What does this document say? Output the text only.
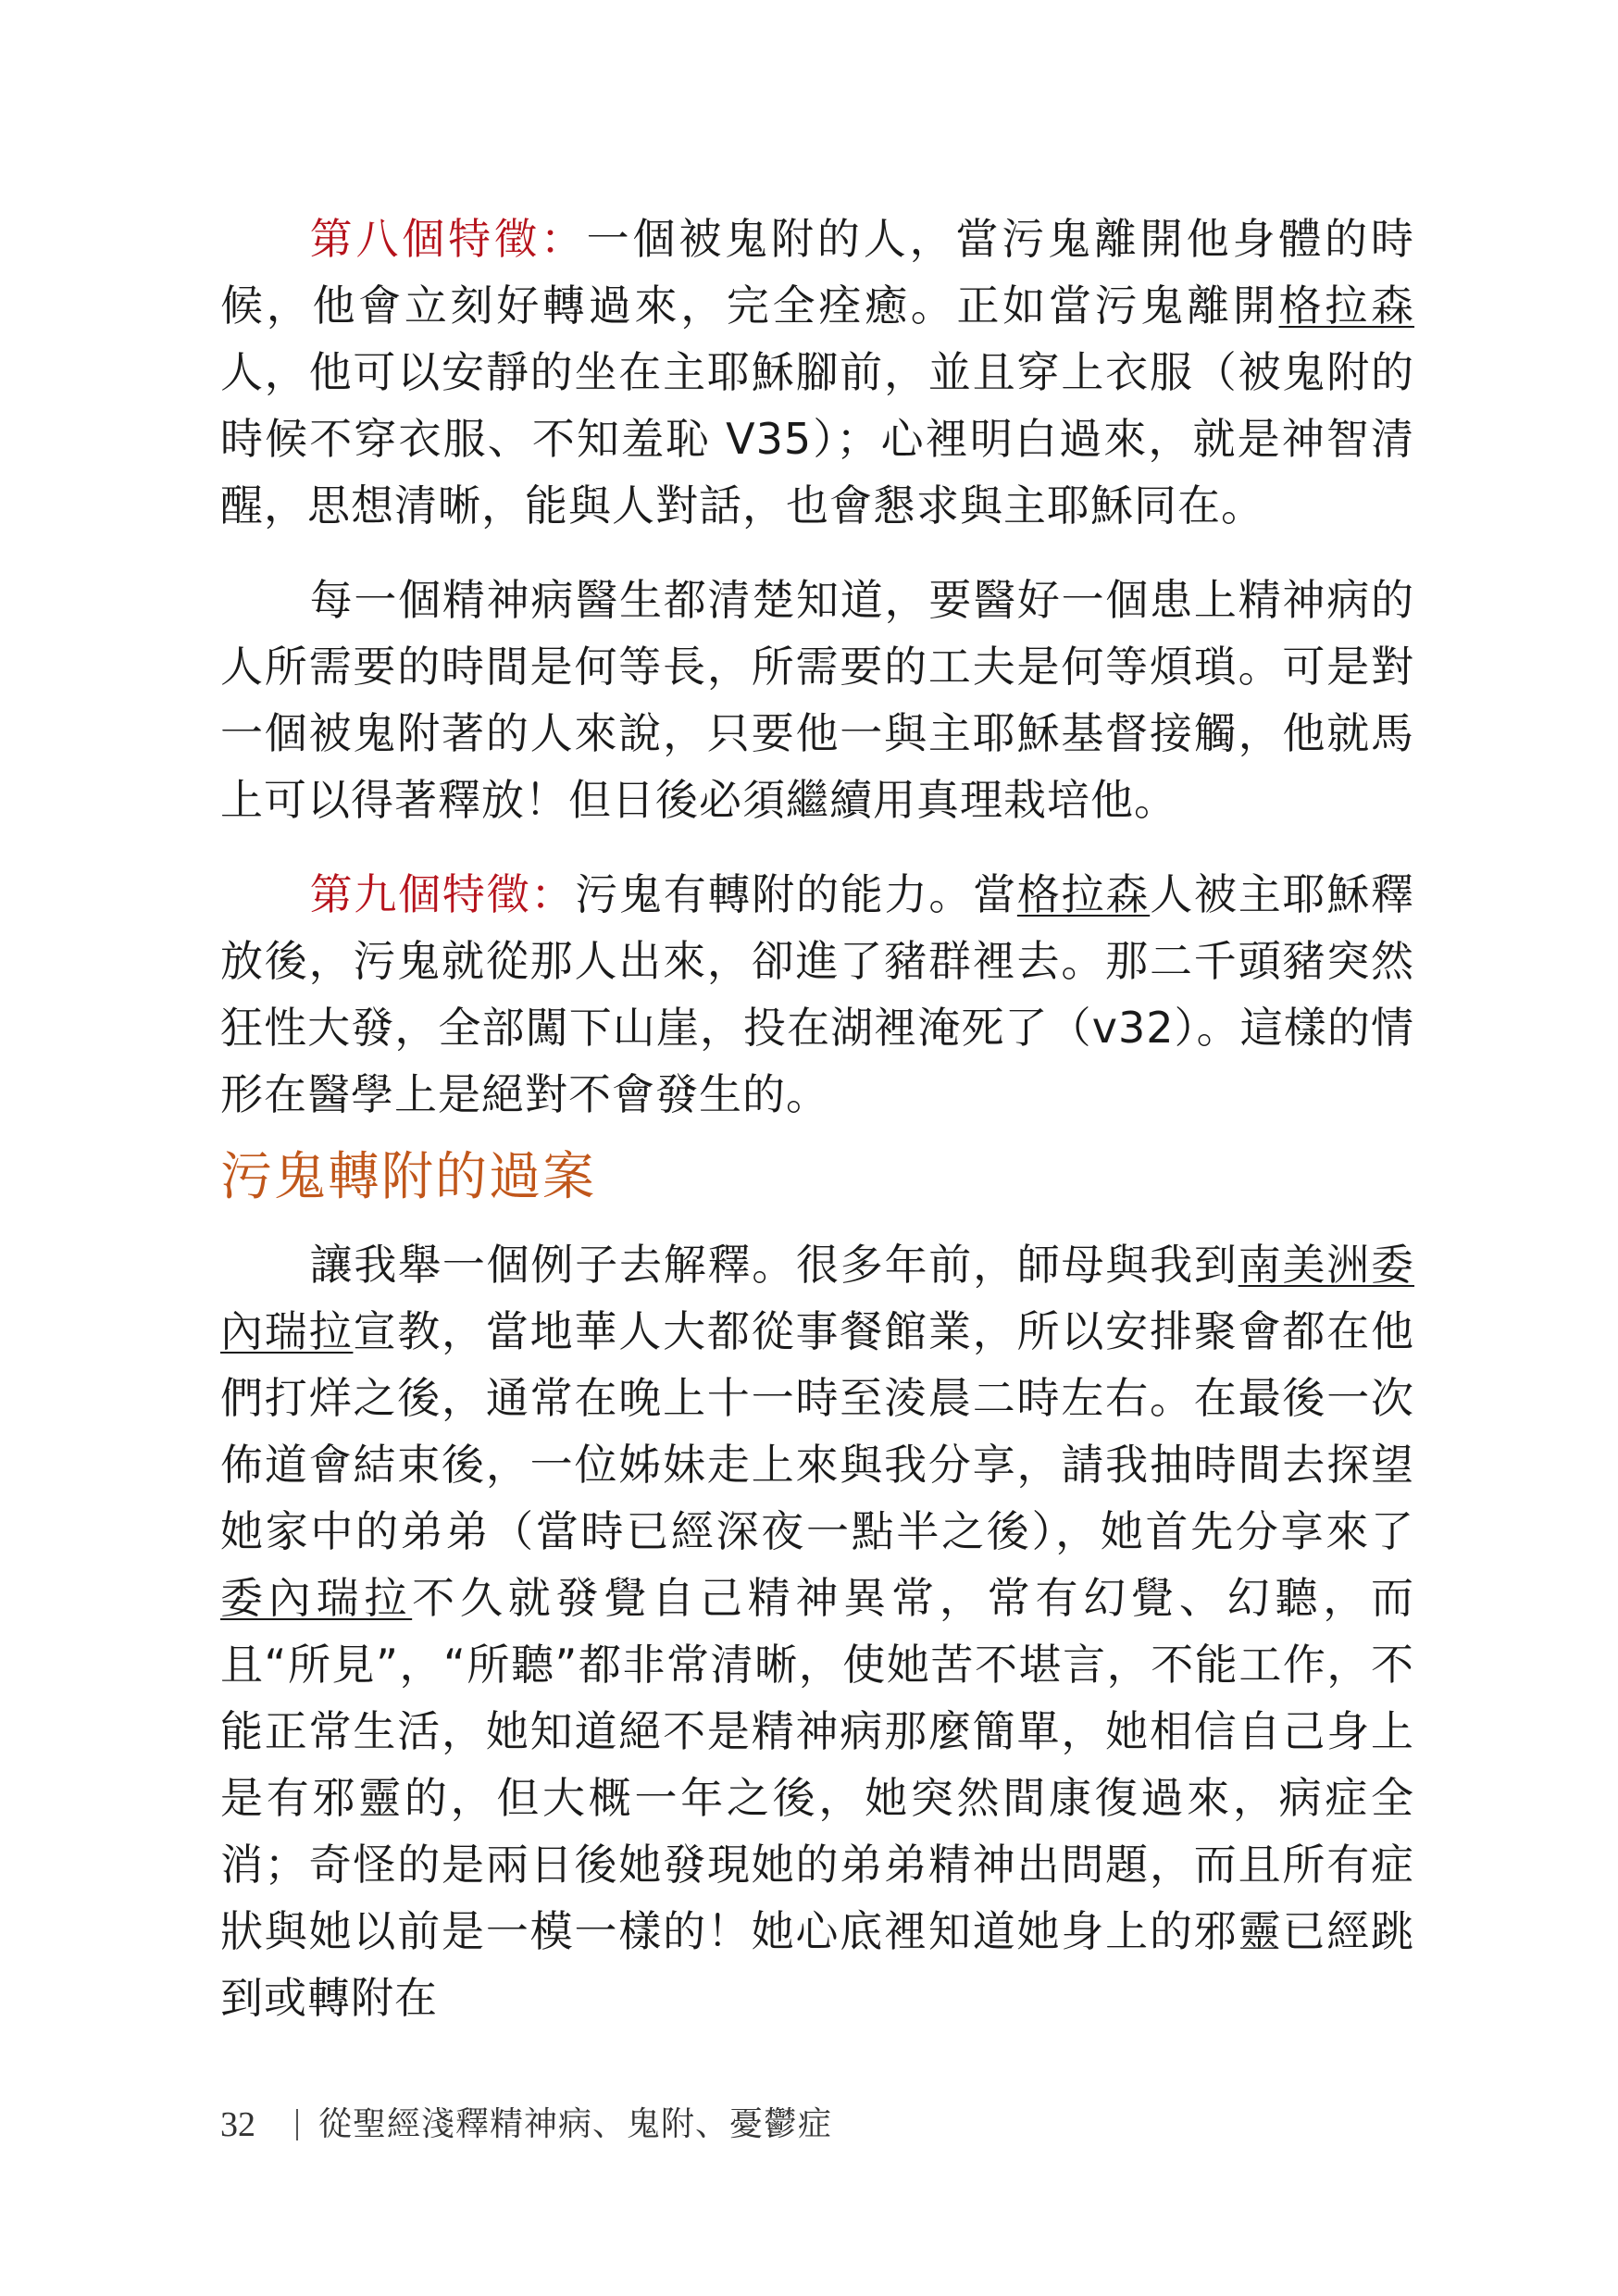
第八個特徵：一個被鬼附的人，當污鬼離開他身體的時候，他會立刻好轉過來，完全痊癒。正如當污鬼離開格拉森人，他可以安靜的坐在主耶穌腳前，並且穿上衣服（被鬼附的時候不穿衣服、不知羞恥 V35）；心裡明白過來，就是神智清醒，思想清晰，能與人對話，也會懇求與主耶穌同在。

每一個精神病醫生都清楚知道，要醫好一個患上精神病的人所需要的時間是何等長，所需要的工夫是何等煩瑣。可是對一個被鬼附著的人來說，只要他一與主耶穌基督接觸，他就馬上可以得著釋放！但日後必須繼續用真理栽培他。

第九個特徵：污鬼有轉附的能力。當格拉森人被主耶穌釋放後，污鬼就從那人出來，卻進了豬群裡去。那二千頭豬突然狂性大發，全部闖下山崖，投在湖裡淹死了（v32）。這樣的情形在醫學上是絕對不會發生的。

污鬼轉附的過案

讓我舉一個例子去解釋。很多年前，師母與我到南美洲委內瑞拉宣教，當地華人大都從事餐館業，所以安排聚會都在他們打烊之後，通常在晚上十一時至淩晨二時左右。在最後一次佈道會結束後，一位姊妹走上來與我分享，請我抽時間去探望她家中的弟弟（當時已經深夜一點半之後），她首先分享來了委內瑞拉不久就發覺自己精神異常，常有幻覺、幻聽，而且“所見”，“所聽”都非常清晰，使她苦不堪言，不能工作，不能正常生活，她知道絕不是精神病那麼簡單，她相信自己身上是有邪靈的，但大概一年之後，她突然間康復過來，病症全消；奇怪的是兩日後她發現她的弟弟精神出問題，而且所有症狀與她以前是一模一樣的！她心底裡知道她身上的邪靈已經跳到或轉附在

32 從聖經淺釋精神病、鬼附、憂鬱症
